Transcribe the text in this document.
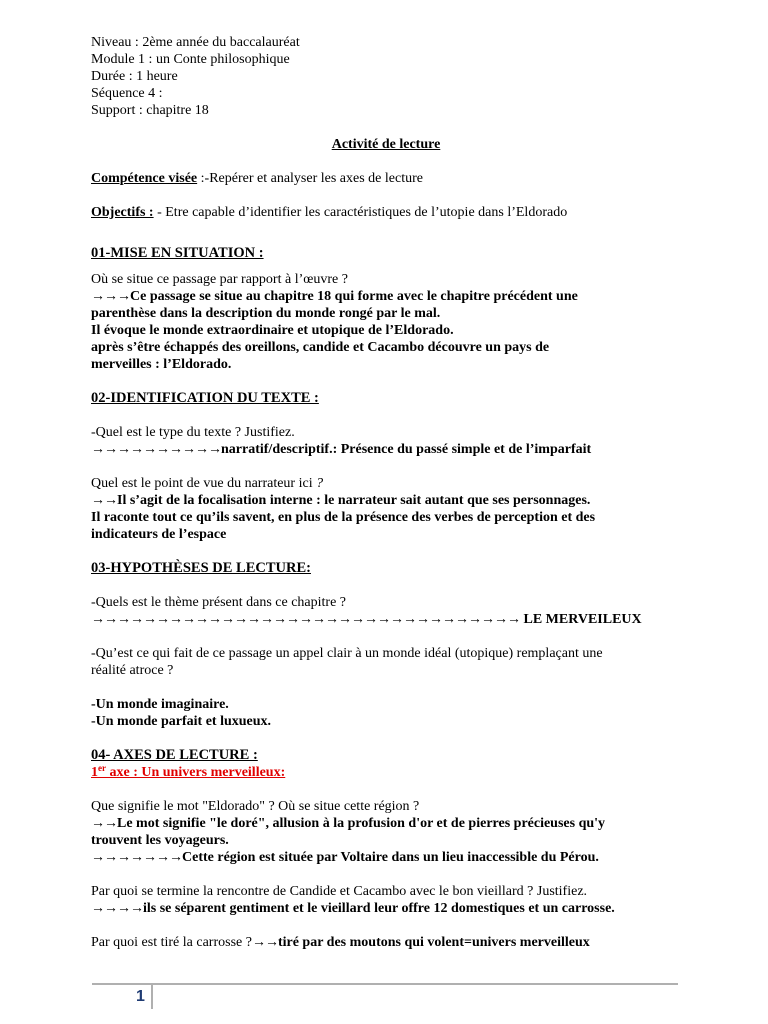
Niveau : 2ème année du baccalauréat
Module 1 : un Conte philosophique
Durée : 1 heure
Séquence 4 :
Support : chapitre 18
Activité de lecture
Compétence visée :-Repérer et analyser les axes de lecture
Objectifs : - Etre capable d’identifier les caractéristiques de l’utopie dans l’Eldorado
01-MISE EN SITUATION :
Où se situe ce passage par rapport à l’œuvre ?
→→→Ce passage se situe au chapitre 18 qui forme avec le chapitre précédent une
parenthèse dans la description du monde rongé par le mal.
Il évoque le monde extraordinaire et utopique de l’Eldorado.
après s’être échappés des oreillons, candide et Cacambo découvre un pays de
merveilles : l’Eldorado.
02-IDENTIFICATION DU TEXTE :
-Quel est le type du texte ? Justifiez.
→→→→→→→→→→narratif/descriptif.: Présence du passé simple et de l’imparfait
Quel est le point de vue du narrateur ici ?
→→Il s’agit de la focalisation interne : le narrateur sait autant que ses personnages.
Il raconte tout ce qu’ils savent, en plus de la présence des verbes de perception et des
indicateurs de l’espace
03-HYPOTHÈSES DE LECTURE:
-Quels est le thème présent dans ce chapitre ?
→→→→→→→→→→→→→→→→→→→→→→→→→→→→→→→→→ LE MERVEILEUX
-Qu’est ce qui fait de ce passage un appel clair à un monde idéal (utopique) remplaçant une
réalité atroce ?
-Un monde imaginaire.
-Un monde parfait et luxueux.
04- AXES DE LECTURE :
1er axe : Un univers merveilleux:
Que signifie le mot "Eldorado" ? Où se situe cette région ?
→→Le mot signifie "le doré", allusion à la profusion d'or et de pierres précieuses qu'y
trouvent les voyageurs.
→→→→→→→Cette région est située par Voltaire dans un lieu inaccessible du Pérou.
Par quoi se termine la rencontre de Candide et Cacambo avec le bon vieillard ? Justifiez.
→→→→ils se séparent gentiment et le vieillard leur offre 12 domestiques et un carrosse.
Par quoi est tiré la carrosse ?→→tiré par des moutons qui volent=univers merveilleux
1
